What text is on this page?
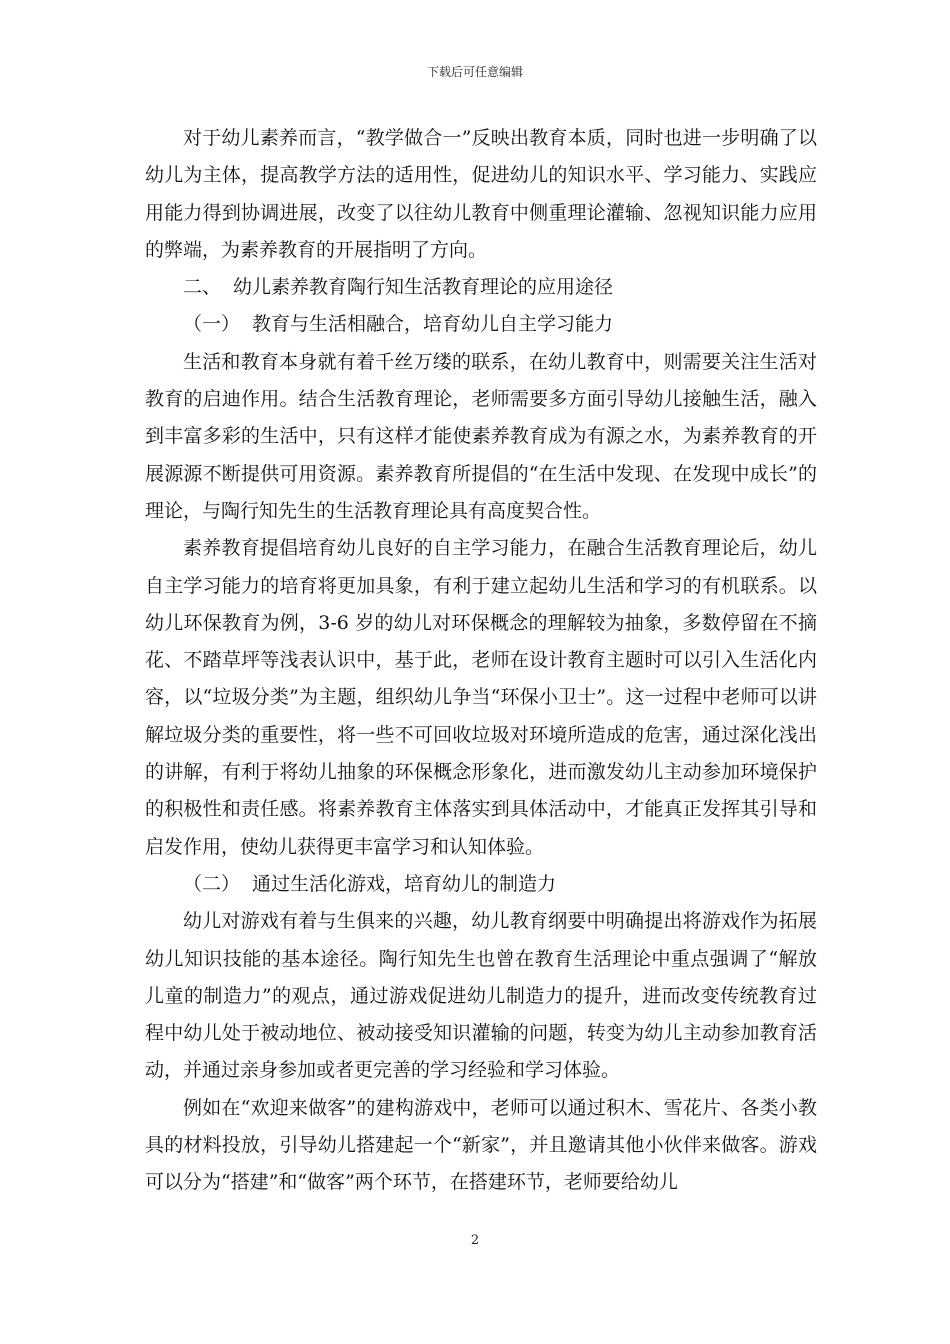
下载后可任意编辑

对于幼儿素养而言，“教学做合一”反映出教育本质，同时也进一步明确了以幼儿为主体，提高教学方法的适用性，促进幼儿的知识水平、学习能力、实践应用能力得到协调进展，改变了以往幼儿教育中侧重理论灌输、忽视知识能力应用的弊端，为素养教育的开展指明了方向。

二、 幼儿素养教育陶行知生活教育理论的应用途径

（一） 教育与生活相融合，培育幼儿自主学习能力

生活和教育本身就有着千丝万缕的联系，在幼儿教育中，则需要关注生活对教育的启迪作用。结合生活教育理论，老师需要多方面引导幼儿接触生活，融入到丰富多彩的生活中，只有这样才能使素养教育成为有源之水，为素养教育的开展源源不断提供可用资源。素养教育所提倡的“在生活中发现、在发现中成长”的理论，与陶行知先生的生活教育理论具有高度契合性。

素养教育提倡培育幼儿良好的自主学习能力，在融合生活教育理论后，幼儿自主学习能力的培育将更加具象，有利于建立起幼儿生活和学习的有机联系。以幼儿环保教育为例，3-6 岁的幼儿对环保概念的理解较为抽象，多数停留在不摘花、不踏草坪等浅表认识中，基于此，老师在设计教育主题时可以引入生活化内容，以“垃圾分类”为主题，组织幼儿争当“环保小卫士”。这一过程中老师可以讲解垃圾分类的重要性，将一些不可回收垃圾对环境所造成的危害，通过深化浅出的讲解，有利于将幼儿抽象的环保概念形象化，进而激发幼儿主动参加环境保护的积极性和责任感。将素养教育主体落实到具体活动中，才能真正发挥其引导和启发作用，使幼儿获得更丰富学习和认知体验。

（二） 通过生活化游戏，培育幼儿的制造力

幼儿对游戏有着与生俱来的兴趣，幼儿教育纲要中明确提出将游戏作为拓展幼儿知识技能的基本途径。陶行知先生也曾在教育生活理论中重点强调了“解放儿童的制造力”的观点，通过游戏促进幼儿制造力的提升，进而改变传统教育过程中幼儿处于被动地位、被动接受知识灌输的问题，转变为幼儿主动参加教育活动，并通过亲身参加或者更完善的学习经验和学习体验。

例如在“欢迎来做客”的建构游戏中，老师可以通过积木、雪花片、各类小教具的材料投放，引导幼儿搭建起一个“新家”，并且邀请其他小伙伴来做客。游戏可以分为“搭建”和“做客”两个环节，在搭建环节，老师要给幼儿

2
